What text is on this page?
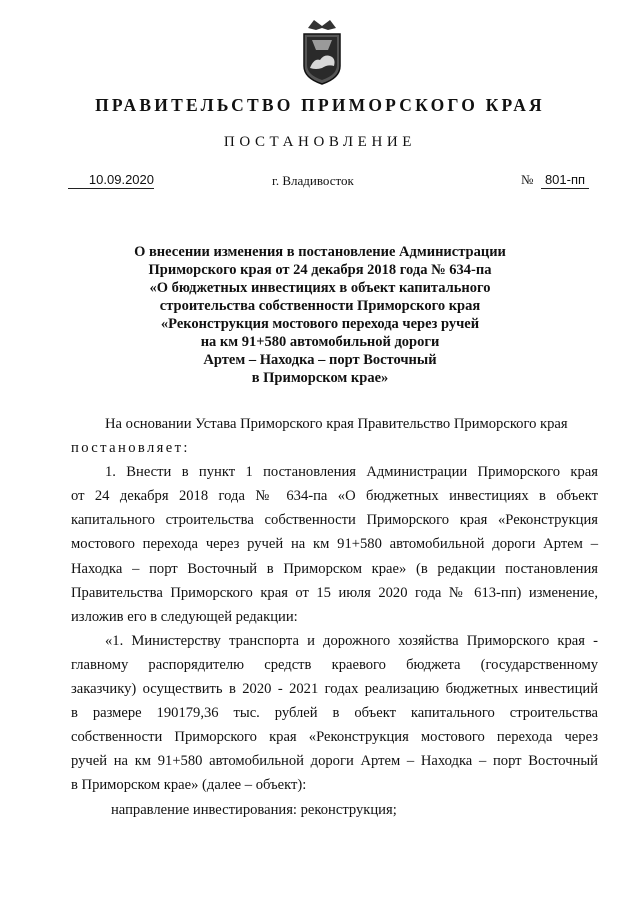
ПРАВИТЕЛЬСТВО ПРИМОРСКОГО КРАЯ
ПОСТАНОВЛЕНИЕ
10.09.2020	г. Владивосток	№ 801-пп
О внесении изменения в постановление Администрации
Приморского края от 24 декабря 2018 года № 634-па
«О бюджетных инвестициях в объект капитального
строительства собственности Приморского края
«Реконструкция мостового перехода через ручей
на км 91+580 автомобильной дороги
Артем – Находка – порт Восточный
в Приморском крае»
На основании Устава Приморского края Правительство Приморского края
постановляет:
1. Внести в пункт 1 постановления Администрации Приморского края
от 24 декабря 2018 года № 634-па «О бюджетных инвестициях в объект
капитального строительства собственности Приморского края «Реконструкция
мостового перехода через ручей на км 91+580 автомобильной дороги Артем –
Находка – порт Восточный в Приморском крае» (в редакции постановления
Правительства Приморского края от 15 июля 2020 года № 613-пп) изменение,
изложив его в следующей редакции:
«1. Министерству транспорта и дорожного хозяйства Приморского края -
главному распорядителю средств краевого бюджета (государственному
заказчику) осуществить в 2020 - 2021 годах реализацию бюджетных инвестиций
в размере 190179,36 тыс. рублей в объект капитального строительства
собственности Приморского края «Реконструкция мостового перехода через
ручей на км 91+580 автомобильной дороги Артем – Находка – порт Восточный
в Приморском крае» (далее – объект):
направление инвестирования: реконструкция;
